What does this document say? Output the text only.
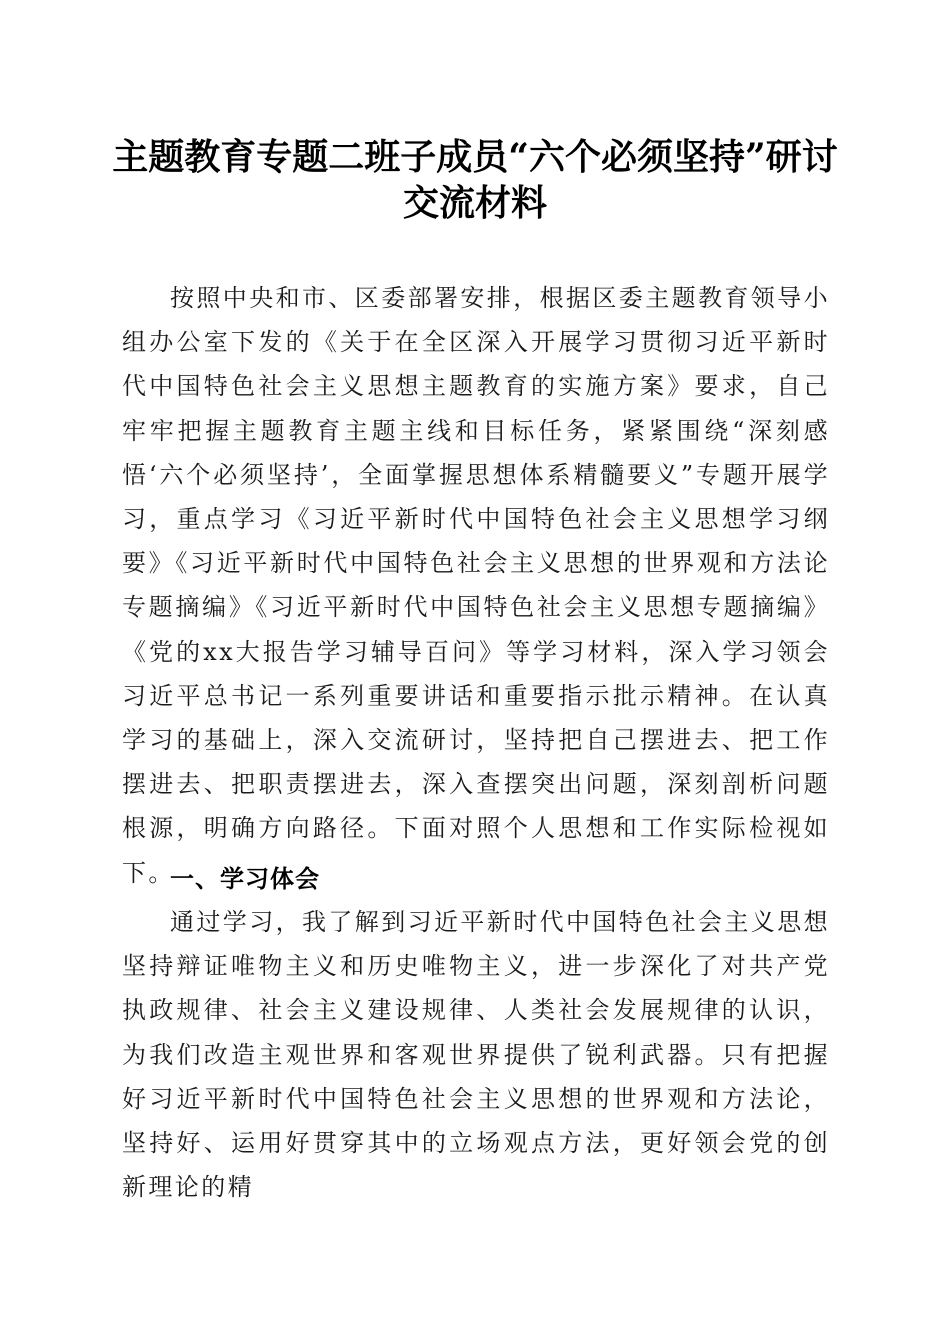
主题教育专题二班子成员“六个必须坚持”研讨交流材料

按照中央和市、区委部署安排，根据区委主题教育领导小组办公室下发的《关于在全区深入开展学习贯彻习近平新时代中国特色社会主义思想主题教育的实施方案》要求，自己牢牢把握主题教育主题主线和目标任务，紧紧围绕“深刻感悟‘六个必须坚持’，全面掌握思想体系精髓要义”专题开展学习，重点学习《习近平新时代中国特色社会主义思想学习纲要》《习近平新时代中国特色社会主义思想的世界观和方法论专题摘编》《习近平新时代中国特色社会主义思想专题摘编》《党的xx大报告学习辅导百问》等学习材料，深入学习领会习近平总书记一系列重要讲话和重要指示批示精神。在认真学习的基础上，深入交流研讨，坚持把自己摆进去、把工作摆进去、把职责摆进去，深入查摆突出问题，深刻剖析问题根源，明确方向路径。下面对照个人思想和工作实际检视如下。

一、学习体会

通过学习，我了解到习近平新时代中国特色社会主义思想坚持辩证唯物主义和历史唯物主义，进一步深化了对共产党执政规律、社会主义建设规律、人类社会发展规律的认识，为我们改造主观世界和客观世界提供了锐利武器。只有把握好习近平新时代中国特色社会主义思想的世界观和方法论，坚持好、运用好贯穿其中的立场观点方法，更好领会党的创新理论的精
